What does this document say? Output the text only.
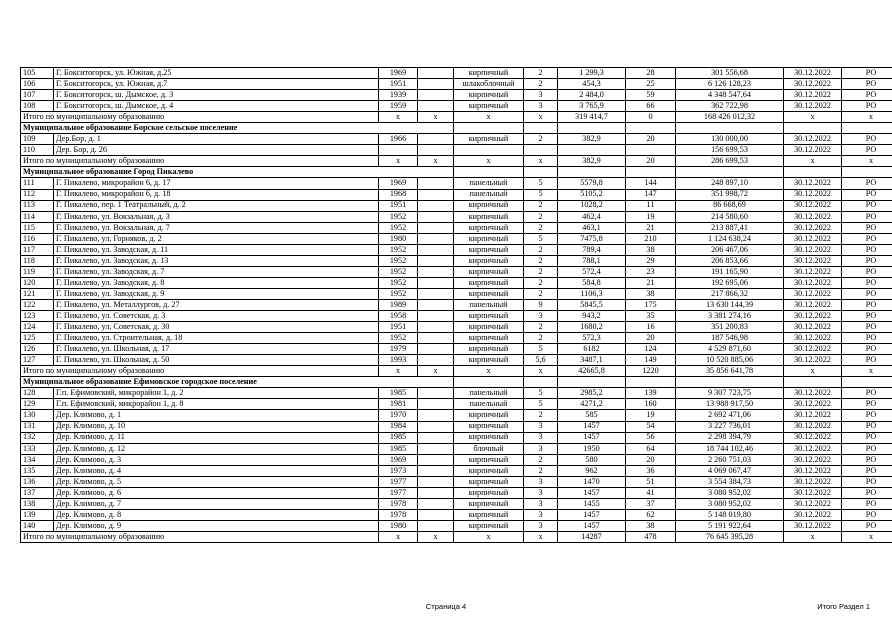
105	Г. Бокситогорск, ул. Южная, д.25	1969		кирпичный	2	1 299,3	28	301 556,68	30.12.2022	РО
106	Г. Бокситогорск, ул. Южная, д.7	1951		шлакоблочный	2	454,3	25	6 126 128,23	30.12.2022	РО
107	Г. Бокситогорск, ш. Дымское, д. 3	1939		кирпичный	3	2 484,0	59	4 348 547,64	30.12.2022	РО
108	Г. Бокситогорск, ш. Дымское, д. 4	1959		кирпичный	3	3 765,9	66	362 722,98	30.12.2022	РО
Итого по муниципальному образованию		x	x	x	x	319 414,7	0	168 426 012,32	x	x
Муниципальное образование Борское сельское поселение										
109	Дер.Бор, д. 1	1966		кирпичный	2	382,9	20	130 000,00	30.12.2022	РО
110	Дер. Бор, д. 26							156 699,53	30.12.2022	РО
Итого по муниципальному образованию		x	x	x	x	382,9	20	286 699,53	x	x
Муниципальное образование Город Пикалево										
111	Г. Пикалево, микрорайон 6, д. 17	1969		панельный	5	5579,8	144	248 897,10	30.12.2022	РО
112	Г. Пикалево, микрорайон 6, д. 18	1968		панельный	5	5105,2	147	351 998,72	30.12.2022	РО
113	Г. Пикалево, пер. 1 Театральный, д. 2	1951		кирпичный	2	1028,2	11	86 668,69	30.12.2022	РО
114	Г. Пикалево, ул. Вокзальная, д. 3	1952		кирпичный	2	462,4	19	214 580,60	30.12.2022	РО
115	Г. Пикалево, ул. Вокзальная, д. 7	1952		кирпичный	2	463,1	21	213 887,41	30.12.2022	РО
116	Г. Пикалево, ул. Горняков, д. 2	1980		кирпичный	5	7475,8	210	1 124 638,24	30.12.2022	РО
117	Г. Пикалево, ул. Заводская, д. 11	1952		кирпичный	2	789,4	38	206 467,06	30.12.2022	РО
118	Г. Пикалево, ул. Заводская, д. 13	1952		кирпичный	2	788,1	29	206 853,66	30.12.2022	РО
119	Г. Пикалево, ул. Заводская, д. 7	1952		кирпичный	2	572,4	23	191 165,90	30.12.2022	РО
120	Г. Пикалево, ул. Заводская, д. 8	1952		кирпичный	2	584,8	21	192 695,06	30.12.2022	РО
121	Г. Пикалево, ул. Заводская, д. 9	1952		кирпичный	2	1106,3	38	217 866,32	30.12.2022	РО
122	Г. Пикалево, ул. Металлургов, д. 27	1989		панельный	9	5845,5	175	13 630 144,39	30.12.2022	РО
123	Г. Пикалево, ул. Советская, д. 3	1958		кирпичный	3	943,2	35	3 381 274,16	30.12.2022	РО
124	Г. Пикалево, ул. Советская, д. 30	1951		кирпичный	2	1680,2	16	351 200,83	30.12.2022	РО
125	Г. Пикалево, ул. Строительная, д. 18	1952		кирпичный	2	572,3	20	187 546,98	30.12.2022	РО
126	Г. Пикалево, ул. Школьная, д. 17	1979		кирпичный	5	6182	124	4 529 871,60	30.12.2022	РО
127	Г. Пикалево, ул. Школьная, д. 50	1993		кирпичный	5,6	3487,1	149	10 520 885,06	30.12.2022	РО
Итого по муниципальному образованию		x	x	x	x	42665,8	1220	35 856 641,78	x	x
Муниципальное образование Ефимовское городское поселение										
128	Г.п. Ефимовский, микрорайон 1, д. 2	1985		панельный	5	2985,2	139	9 307 723,75	30.12.2022	РО
129	Г.п. Ефимовский, микрорайон 1, д. 8	1981		панельный	5	4271,2	160	13 988 917,50	30.12.2022	РО
130	Дер. Климово, д. 1	1970		кирпичный	2	585	19	2 692 471,06	30.12.2022	РО
131	Дер. Климово, д. 10	1984		кирпичный	3	1457	54	3 227 736,01	30.12.2022	РО
132	Дер. Климово, д. 11	1985		кирпичный	3	1457	56	2 298 394,79	30.12.2022	РО
133	Дер. Климово, д. 12	1985		блочный	3	1950	64	18 744 102,46	30.12.2022	РО
134	Дер. Климово, д. 3	1969		кирпичный	2	580	20	2 260 751,03	30.12.2022	РО
135	Дер. Климово, д. 4	1973		кирпичный	2	962	36	4 069 067,47	30.12.2022	РО
136	Дер. Климово, д. 5	1977		кирпичный	3	1470	51	3 554 384,73	30.12.2022	РО
137	Дер. Климово, д. 6	1977		кирпичный	3	1457	41	3 080 952,02	30.12.2022	РО
138	Дер. Климово, д. 7	1978		кирпичный	3	1455	37	3 080 952,02	30.12.2022	РО
139	Дер. Климово, д. 8	1978		кирпичный	3	1457	62	5 148 019,80	30.12.2022	РО
140	Дер. Климово, д. 9	1980		кирпичный	3	1457	38	5 191 922,64	30.12.2022	РО
Итого по муниципальному образованию		x	x	x	x	14287	478	76 645 395,28	x	x
Страница 4	Итого Раздел 1
